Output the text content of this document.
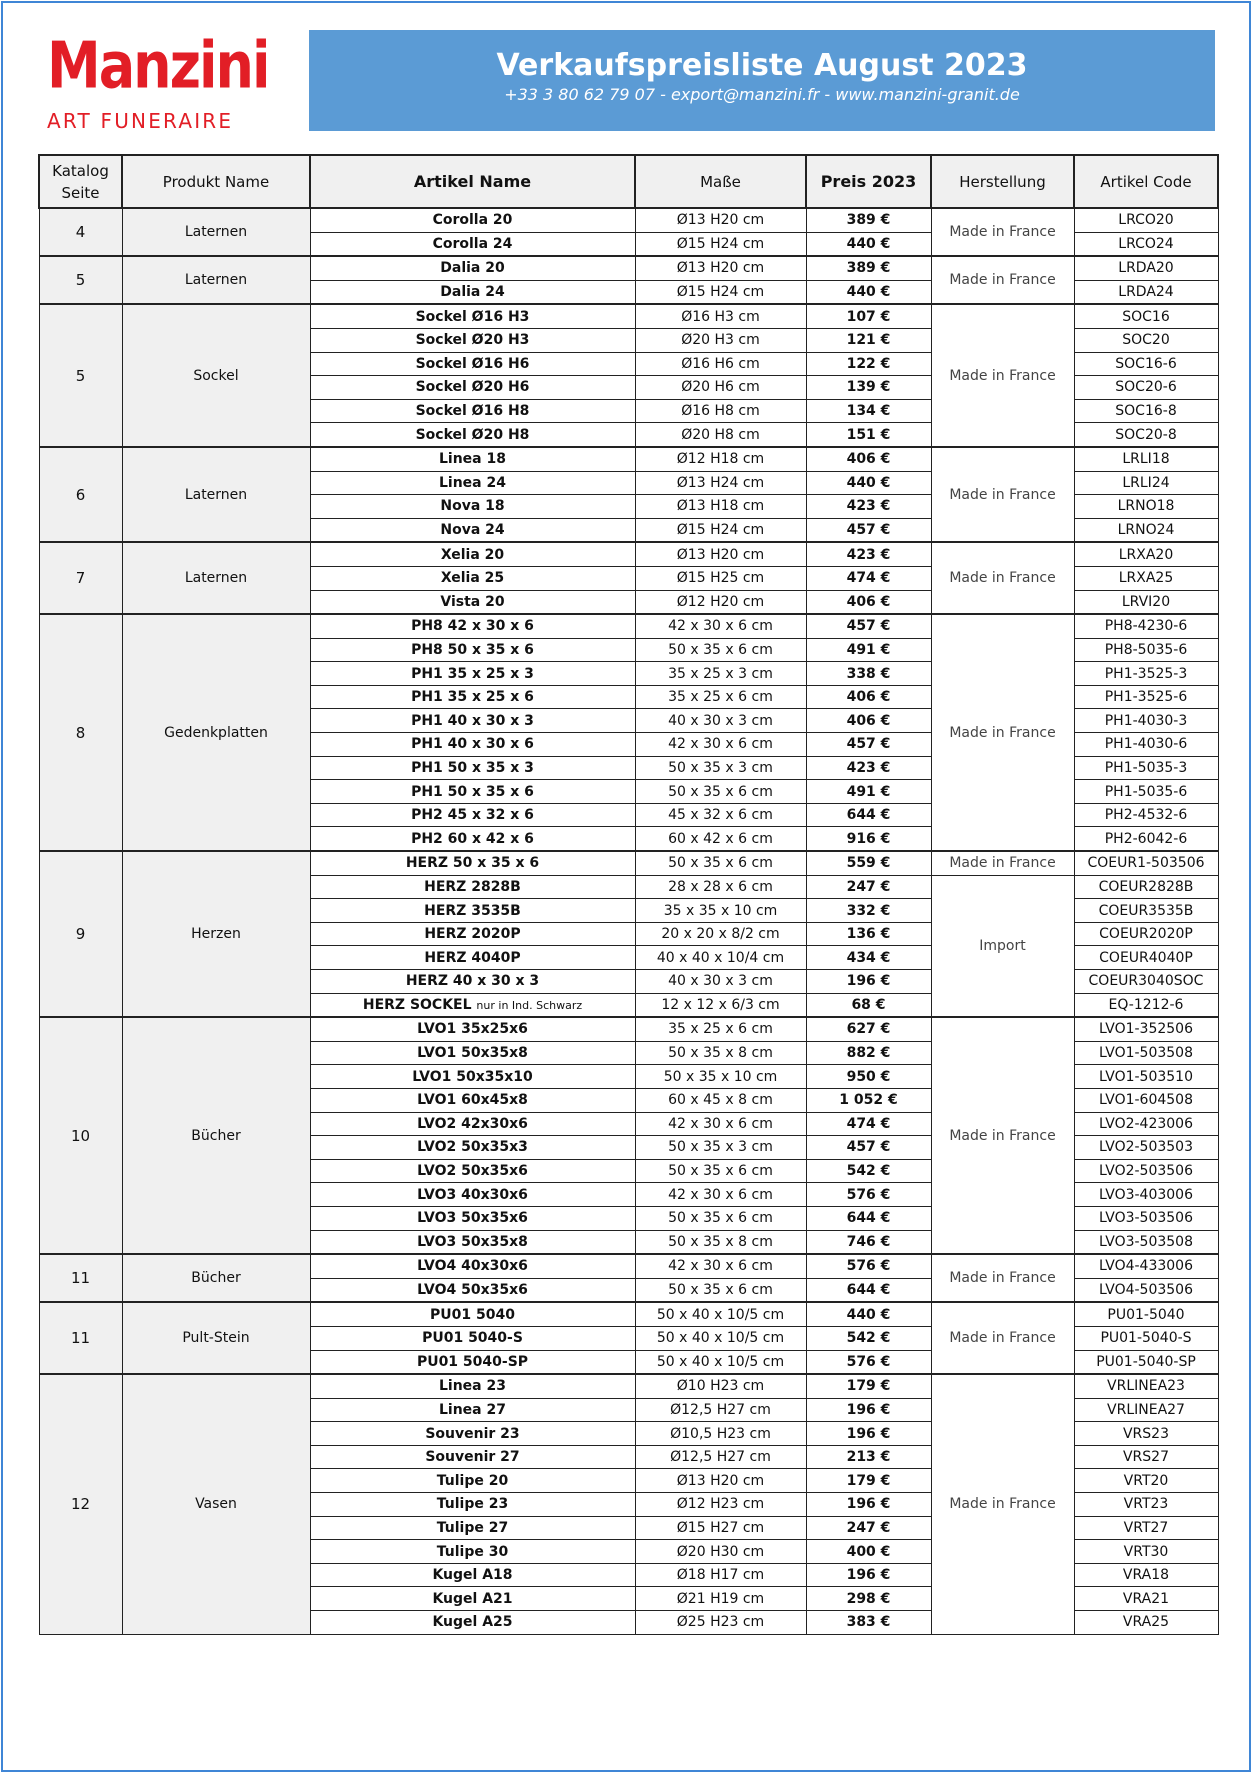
Manzini
ART FUNERAIRE
Verkaufspreisliste August 2023
+33 3 80 62 79 07 - export@manzini.fr - www.manzini-granit.de
Katalog Seite	Produkt Name	Artikel Name	Maße	Preis 2023	Herstellung	Artikel Code
4	Laternen	Corolla 20	Ø13 H20 cm	389 €	Made in France	LRCO20
		Corolla 24	Ø15 H24 cm	440 €		LRCO24
5	Laternen	Dalia 20	Ø13 H20 cm	389 €	Made in France	LRDA20
		Dalia 24	Ø15 H24 cm	440 €		LRDA24
5	Sockel	Sockel Ø16 H3	Ø16 H3 cm	107 €	Made in France	SOC16
		Sockel Ø20 H3	Ø20 H3 cm	121 €		SOC20
		Sockel Ø16 H6	Ø16 H6 cm	122 €		SOC16-6
		Sockel Ø20 H6	Ø20 H6 cm	139 €		SOC20-6
		Sockel Ø16 H8	Ø16 H8 cm	134 €		SOC16-8
		Sockel Ø20 H8	Ø20 H8 cm	151 €		SOC20-8
6	Laternen	Linea 18	Ø12 H18 cm	406 €	Made in France	LRLI18
		Linea 24	Ø13 H24 cm	440 €		LRLI24
		Nova 18	Ø13 H18 cm	423 €		LRNO18
		Nova 24	Ø15 H24 cm	457 €		LRNO24
7	Laternen	Xelia 20	Ø13 H20 cm	423 €	Made in France	LRXA20
		Xelia 25	Ø15 H25 cm	474 €		LRXA25
		Vista 20	Ø12 H20 cm	406 €		LRVI20
8	Gedenkplatten	PH8 42 x 30 x 6	42 x 30 x 6 cm	457 €	Made in France	PH8-4230-6
		PH8 50 x 35 x 6	50 x 35 x 6 cm	491 €		PH8-5035-6
		PH1 35 x 25 x 3	35 x 25 x 3 cm	338 €		PH1-3525-3
		PH1 35 x 25 x 6	35 x 25 x 6 cm	406 €		PH1-3525-6
		PH1 40 x 30 x 3	40 x 30 x 3 cm	406 €		PH1-4030-3
		PH1 40 x 30 x 6	42 x 30 x 6 cm	457 €		PH1-4030-6
		PH1 50 x 35 x 3	50 x 35 x 3 cm	423 €		PH1-5035-3
		PH1 50 x 35 x 6	50 x 35 x 6 cm	491 €		PH1-5035-6
		PH2 45 x 32 x 6	45 x 32 x 6 cm	644 €		PH2-4532-6
		PH2 60 x 42 x 6	60 x 42 x 6 cm	916 €		PH2-6042-6
9	Herzen	HERZ 50 x 35 x 6	50 x 35 x 6 cm	559 €	Made in France	COEUR1-503506
		HERZ 2828B	28 x 28 x 6 cm	247 €	Import	COEUR2828B
		HERZ 3535B	35 x 35 x 10 cm	332 €		COEUR3535B
		HERZ 2020P	20 x 20 x 8/2 cm	136 €		COEUR2020P
		HERZ 4040P	40 x 40 x 10/4 cm	434 €		COEUR4040P
		HERZ 40 x 30 x 3	40 x 30 x 3 cm	196 €		COEUR3040SOC
		HERZ SOCKEL nur in Ind. Schwarz	12 x 12 x 6/3 cm	68 €		EQ-1212-6
10	Bücher	LVO1 35x25x6	35 x 25 x 6 cm	627 €	Made in France	LVO1-352506
		LVO1 50x35x8	50 x 35 x 8 cm	882 €		LVO1-503508
		LVO1 50x35x10	50 x 35 x 10 cm	950 €		LVO1-503510
		LVO1 60x45x8	60 x 45 x 8 cm	1 052 €		LVO1-604508
		LVO2 42x30x6	42 x 30 x 6 cm	474 €		LVO2-423006
		LVO2 50x35x3	50 x 35 x 3 cm	457 €		LVO2-503503
		LVO2 50x35x6	50 x 35 x 6 cm	542 €		LVO2-503506
		LVO3 40x30x6	42 x 30 x 6 cm	576 €		LVO3-403006
		LVO3 50x35x6	50 x 35 x 6 cm	644 €		LVO3-503506
		LVO3 50x35x8	50 x 35 x 8 cm	746 €		LVO3-503508
11	Bücher	LVO4 40x30x6	42 x 30 x 6 cm	576 €	Made in France	LVO4-433006
		LVO4 50x35x6	50 x 35 x 6 cm	644 €		LVO4-503506
11	Pult-Stein	PU01 5040	50 x 40 x 10/5 cm	440 €	Made in France	PU01-5040
		PU01 5040-S	50 x 40 x 10/5 cm	542 €		PU01-5040-S
		PU01 5040-SP	50 x 40 x 10/5 cm	576 €		PU01-5040-SP
12	Vasen	Linea 23	Ø10 H23 cm	179 €	Made in France	VRLINEA23
		Linea 27	Ø12,5 H27 cm	196 €		VRLINEA27
		Souvenir 23	Ø10,5 H23 cm	196 €		VRS23
		Souvenir 27	Ø12,5 H27 cm	213 €		VRS27
		Tulipe 20	Ø13 H20 cm	179 €		VRT20
		Tulipe 23	Ø12 H23 cm	196 €		VRT23
		Tulipe 27	Ø15 H27 cm	247 €		VRT27
		Tulipe 30	Ø20 H30 cm	400 €		VRT30
		Kugel A18	Ø18 H17 cm	196 €		VRA18
		Kugel A21	Ø21 H19 cm	298 €		VRA21
		Kugel A25	Ø25 H23 cm	383 €		VRA25
